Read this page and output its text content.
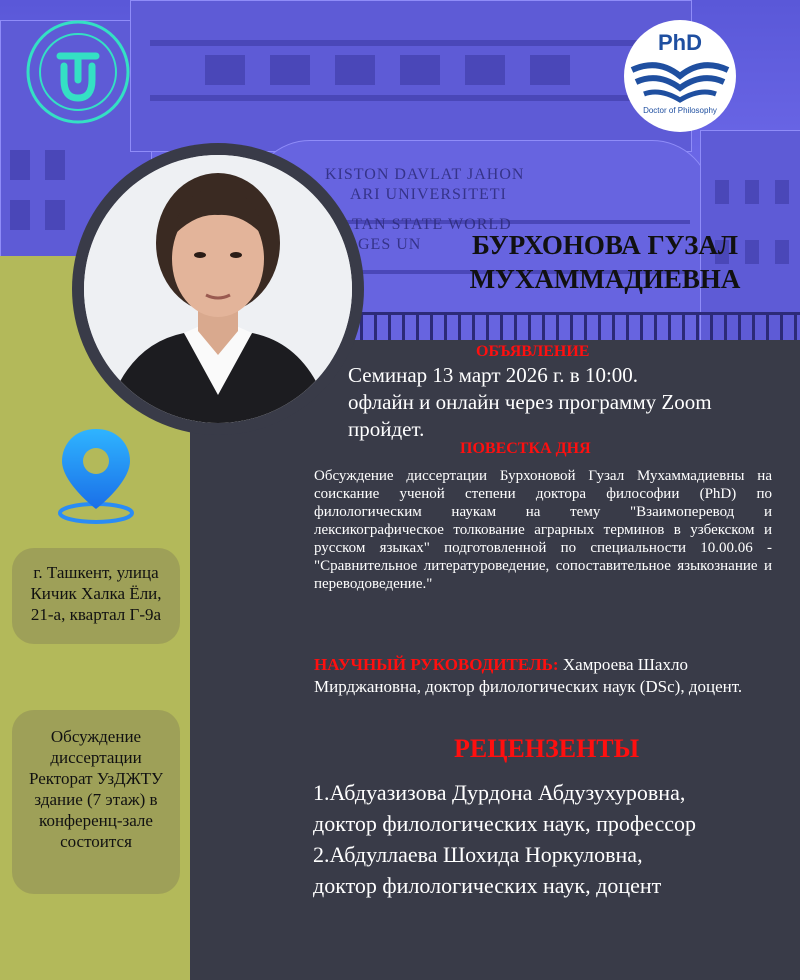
KISTON DAVLAT JAHON
ARI UNIVERSITETI
TAN STATE WORLD
GES UN
PhD
Doctor of Philosophy
БУРХОНОВА ГУЗАЛ МУХАММАДИЕВНА
ОБЪЯВЛЕНИЕ
Семинар 13 март 2026 г. в 10:00.
офлайн и онлайн через программу Zoom
пройдет.
ПОВЕСТКА ДНЯ
Обсуждение диссертации Бурхоновой Гузал Мухаммадиевны на соискание ученой степени доктора философии (PhD) по филологическим наукам на тему "Взаимоперевод и лексикографическое толкование аграрных терминов в узбекском и русском языках" подготовленной по специальности 10.00.06 - "Сравнительное литературоведение, сопоставительное языкознание и переводоведение."
НАУЧНЫЙ РУКОВОДИТЕЛЬ: Хамроева Шахло Мирджановна, доктор филологических наук (DSc), доцент.
РЕЦЕНЗЕНТЫ
1.Абдуазизова Дурдона Абдузухуровна,
доктор филологических наук, профессор
2.Абдуллаева Шохида Норкуловна,
доктор филологических наук, доцент
г. Ташкент, улица Кичик Халка Ёли, 21-а, квартал Г-9а
Обсуждение диссертации Ректорат УзДЖТУ здание (7 этаж) в конференц-зале состоится
